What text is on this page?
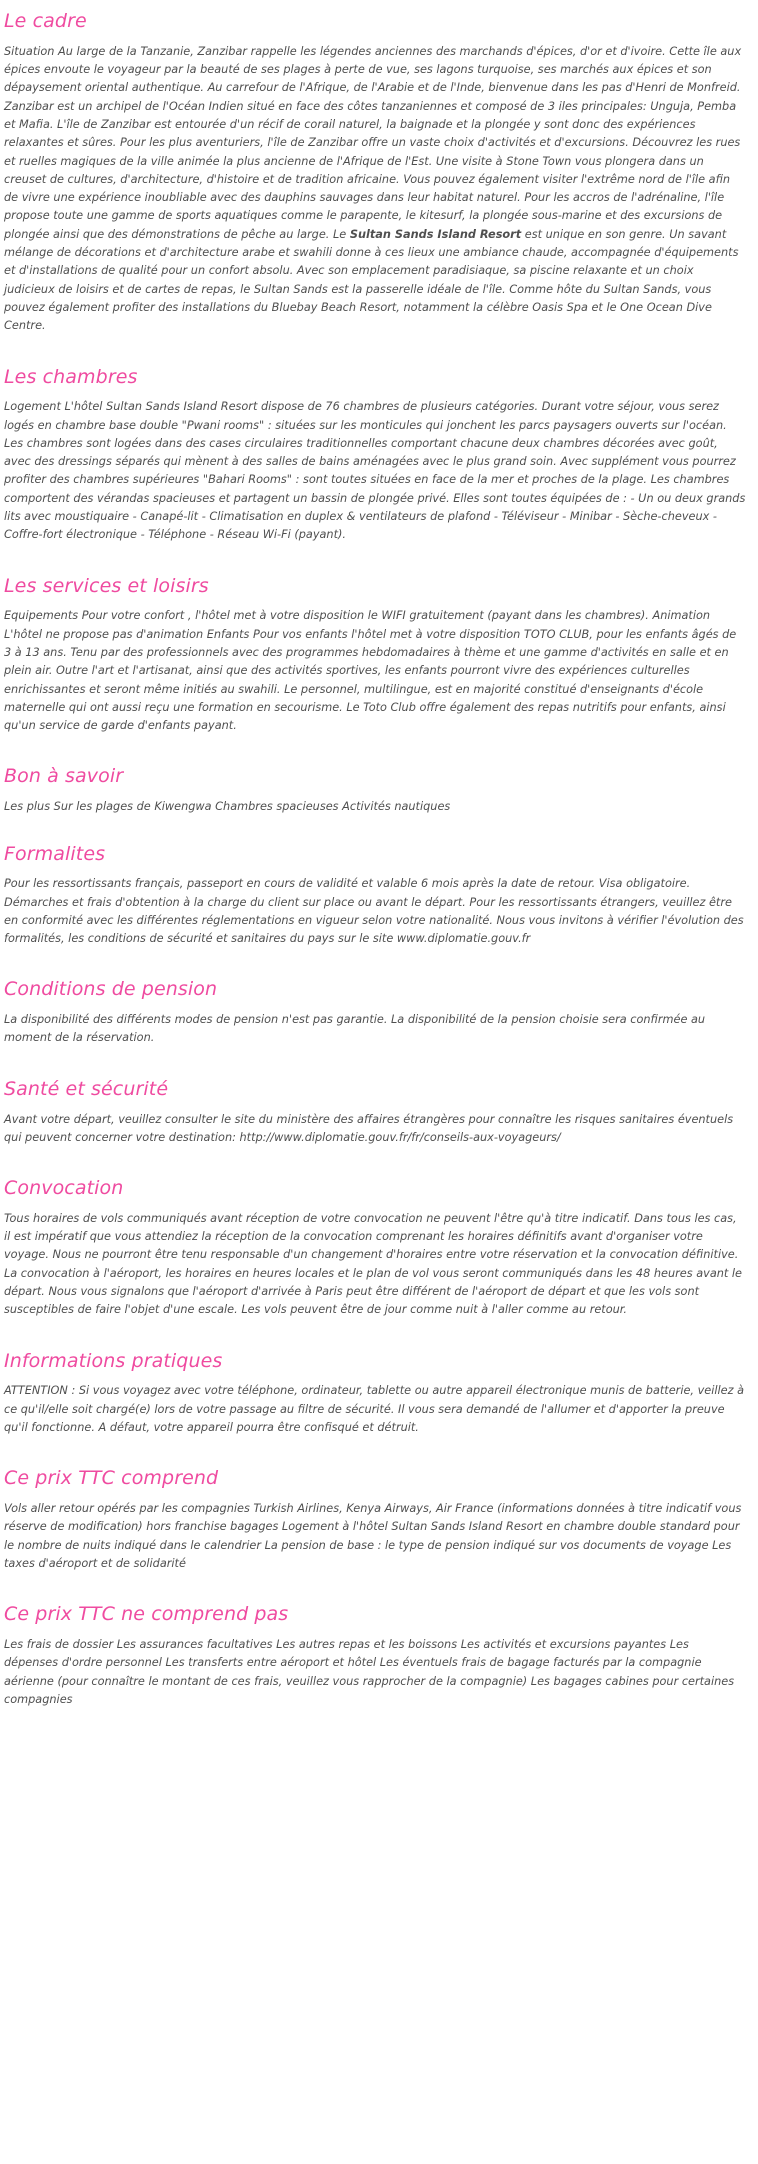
Le cadre

Situation Au large de la Tanzanie, Zanzibar rappelle les légendes anciennes des marchands d'épices, d'or et d'ivoire. Cette île aux épices envoute le voyageur par la beauté de ses plages à perte de vue, ses lagons turquoise, ses marchés aux épices et son dépaysement oriental authentique. Au carrefour de l'Afrique, de l'Arabie et de l'Inde, bienvenue dans les pas d'Henri de Monfreid. Zanzibar est un archipel de l'Océan Indien situé en face des côtes tanzaniennes et composé de 3 iles principales: Unguja, Pemba et Mafia. L'île de Zanzibar est entourée d'un récif de corail naturel, la baignade et la plongée y sont donc des expériences relaxantes et sûres. Pour les plus aventuriers, l'île de Zanzibar offre un vaste choix d'activités et d'excursions. Découvrez les rues et ruelles magiques de la ville animée la plus ancienne de l'Afrique de l'Est. Une visite à Stone Town vous plongera dans un creuset de cultures, d'architecture, d'histoire et de tradition africaine. Vous pouvez également visiter l'extrême nord de l'île afin de vivre une expérience inoubliable avec des dauphins sauvages dans leur habitat naturel. Pour les accros de l'adrénaline, l'île propose toute une gamme de sports aquatiques comme le parapente, le kitesurf, la plongée sous-marine et des excursions de plongée ainsi que des démonstrations de pêche au large. Le Sultan Sands Island Resort est unique en son genre. Un savant mélange de décorations et d'architecture arabe et swahili donne à ces lieux une ambiance chaude, accompagnée d'équipements et d'installations de qualité pour un confort absolu. Avec son emplacement paradisiaque, sa piscine relaxante et un choix judicieux de loisirs et de cartes de repas, le Sultan Sands est la passerelle idéale de l'île. Comme hôte du Sultan Sands, vous pouvez également profiter des installations du Bluebay Beach Resort, notamment la célèbre Oasis Spa et le One Ocean Dive Centre.

Les chambres

Logement L'hôtel Sultan Sands Island Resort dispose de 76 chambres de plusieurs catégories. Durant votre séjour, vous serez logés en chambre base double "Pwani rooms" : situées sur les monticules qui jonchent les parcs paysagers ouverts sur l'océan. Les chambres sont logées dans des cases circulaires traditionnelles comportant chacune deux chambres décorées avec goût, avec des dressings séparés qui mènent à des salles de bains aménagées avec le plus grand soin. Avec supplément vous pourrez profiter des chambres supérieures "Bahari Rooms" : sont toutes situées en face de la mer et proches de la plage. Les chambres comportent des vérandas spacieuses et partagent un bassin de plongée privé. Elles sont toutes équipées de : - Un ou deux grands lits avec moustiquaire - Canapé-lit - Climatisation en duplex & ventilateurs de plafond - Téléviseur - Minibar - Sèche-cheveux - Coffre-fort électronique - Téléphone - Réseau Wi-Fi (payant).

Les services et loisirs

Equipements Pour votre confort , l'hôtel met à votre disposition le WIFI gratuitement (payant dans les chambres). Animation L'hôtel ne propose pas d'animation Enfants Pour vos enfants l'hôtel met à votre disposition TOTO CLUB, pour les enfants âgés de 3 à 13 ans. Tenu par des professionnels avec des programmes hebdomadaires à thème et une gamme d'activités en salle et en plein air. Outre l'art et l'artisanat, ainsi que des activités sportives, les enfants pourront vivre des expériences culturelles enrichissantes et seront même initiés au swahili. Le personnel, multilingue, est en majorité constitué d'enseignants d'école maternelle qui ont aussi reçu une formation en secourisme. Le Toto Club offre également des repas nutritifs pour enfants, ainsi qu'un service de garde d'enfants payant.

Bon à savoir

Les plus Sur les plages de Kiwengwa Chambres spacieuses Activités nautiques

Formalites

Pour les ressortissants français, passeport en cours de validité et valable 6 mois après la date de retour. Visa obligatoire. Démarches et frais d'obtention à la charge du client sur place ou avant le départ. Pour les ressortissants étrangers, veuillez être en conformité avec les différentes réglementations en vigueur selon votre nationalité. Nous vous invitons à vérifier l'évolution des formalités, les conditions de sécurité et sanitaires du pays sur le site www.diplomatie.gouv.fr

Conditions de pension

La disponibilité des différents modes de pension n'est pas garantie. La disponibilité de la pension choisie sera confirmée au moment de la réservation.

Santé et sécurité

Avant votre départ, veuillez consulter le site du ministère des affaires étrangères pour connaître les risques sanitaires éventuels qui peuvent concerner votre destination: http://www.diplomatie.gouv.fr/fr/conseils-aux-voyageurs/

Convocation

Tous horaires de vols communiqués avant réception de votre convocation ne peuvent l'être qu'à titre indicatif. Dans tous les cas, il est impératif que vous attendiez la réception de la convocation comprenant les horaires définitifs avant d'organiser votre voyage. Nous ne pourront être tenu responsable d'un changement d'horaires entre votre réservation et la convocation définitive. La convocation à l'aéroport, les horaires en heures locales et le plan de vol vous seront communiqués dans les 48 heures avant le départ. Nous vous signalons que l'aéroport d'arrivée à Paris peut être différent de l'aéroport de départ et que les vols sont susceptibles de faire l'objet d'une escale. Les vols peuvent être de jour comme nuit à l'aller comme au retour.

Informations pratiques

ATTENTION : Si vous voyagez avec votre téléphone, ordinateur, tablette ou autre appareil électronique munis de batterie, veillez à ce qu'il/elle soit chargé(e) lors de votre passage au filtre de sécurité. Il vous sera demandé de l'allumer et d'apporter la preuve qu'il fonctionne. A défaut, votre appareil pourra être confisqué et détruit.

Ce prix TTC comprend

Vols aller retour opérés par les compagnies Turkish Airlines, Kenya Airways, Air France (informations données à titre indicatif vous réserve de modification) hors franchise bagages Logement à l'hôtel Sultan Sands Island Resort en chambre double standard pour le nombre de nuits indiqué dans le calendrier La pension de base : le type de pension indiqué sur vos documents de voyage Les taxes d'aéroport et de solidarité

Ce prix TTC ne comprend pas

Les frais de dossier Les assurances facultatives Les autres repas et les boissons Les activités et excursions payantes Les dépenses d'ordre personnel Les transferts entre aéroport et hôtel Les éventuels frais de bagage facturés par la compagnie aérienne (pour connaître le montant de ces frais, veuillez vous rapprocher de la compagnie) Les bagages cabines pour certaines compagnies
